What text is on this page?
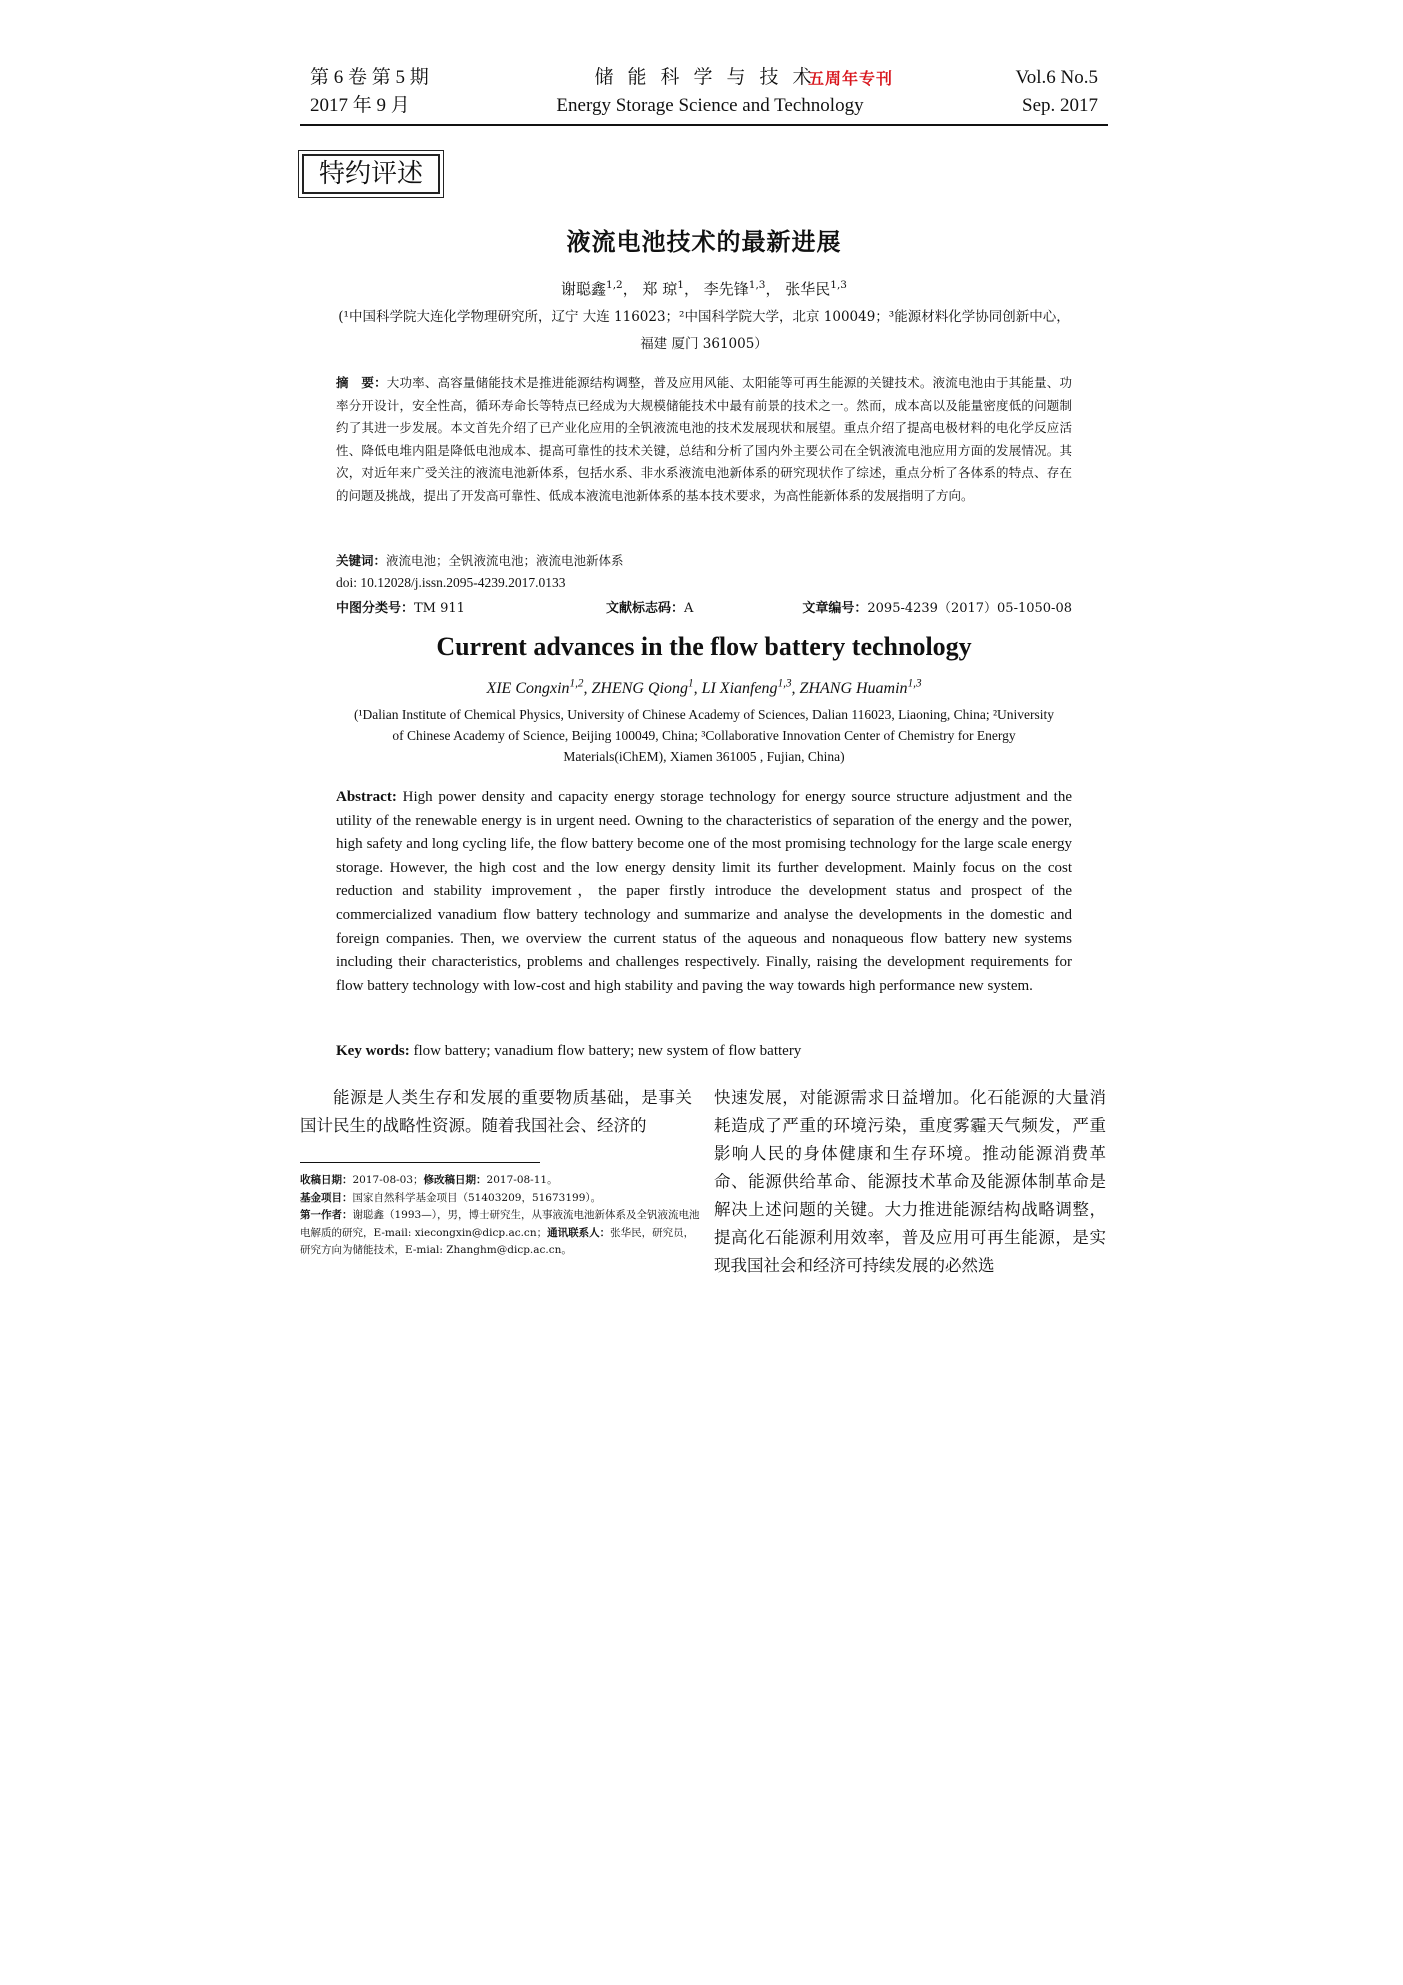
第 6 卷 第 5 期
2017 年 9 月
储能科学与技术
Energy Storage Science and Technology
五周年专刊	Vol.6 No.5
Sep. 2017
特约评述
液流电池技术的最新进展
谢聪鑫$^{1,2}$， 郑 琼$^1$， 李先锋$^{1,3}$， 张华民$^{1,3}$
(¹中国科学院大连化学物理研究所，辽宁 大连 116023；²中国科学院大学，北京 100049；³能源材料化学协同创新中心，
福建 厦门 361005）
摘　要：大功率、高容量储能技术是推进能源结构调整，普及应用风能、太阳能等可再生能源的关键技术。液流电池由于其能量、功率分开设计，安全性高，循环寿命长等特点已经成为大规模储能技术中最有前景的技术之一。然而，成本高以及能量密度低的问题制约了其进一步发展。本文首先介绍了已产业化应用的全钒液流电池的技术发展现状和展望。重点介绍了提高电极材料的电化学反应活性、降低电堆内阻是降低电池成本、提高可靠性的技术关键，总结和分析了国内外主要公司在全钒液流电池应用方面的发展情况。其次，对近年来广受关注的液流电池新体系，包括水系、非水系液流电池新体系的研究现状作了综述，重点分析了各体系的特点、存在的问题及挑战，提出了开发高可靠性、低成本液流电池新体系的基本技术要求，为高性能新体系的发展指明了方向。
关键词：液流电池；全钒液流电池；液流电池新体系
doi: 10.12028/j.issn.2095-4239.2017.0133
中图分类号：TM 911	文献标志码：A	文章编号：2095-4239（2017）05-1050-08
Current advances in the flow battery technology
XIE Congxin$^{1,2}$, ZHENG Qiong$^1$, LI Xianfeng$^{1,3}$, ZHANG Huamin$^{1,3}$
(¹Dalian Institute of Chemical Physics, University of Chinese Academy of Sciences, Dalian 116023, Liaoning, China; ²University
of Chinese Academy of Science, Beijing 100049, China; ³Collaborative Innovation Center of Chemistry for Energy
Materials(iChEM), Xiamen 361005 , Fujian, China)
Abstract: High power density and capacity energy storage technology for energy source structure adjustment and the utility of the renewable energy is in urgent need. Owning to the characteristics of separation of the energy and the power, high safety and long cycling life, the flow battery become one of the most promising technology for the large scale energy storage. However, the high cost and the low energy density limit its further development. Mainly focus on the cost reduction and stability improvement，the paper firstly introduce the development status and prospect of the commercialized vanadium flow battery technology and summarize and analyse the developments in the domestic and foreign companies. Then, we overview the current status of the aqueous and nonaqueous flow battery new systems including their characteristics, problems and challenges respectively. Finally, raising the development requirements for flow battery technology with low-cost and high stability and paving the way towards high performance new system.
Key words: flow battery; vanadium flow battery; new system of flow battery
能源是人类生存和发展的重要物质基础，是事关国计民生的战略性资源。随着我国社会、经济的
收稿日期：2017-08-03；修改稿日期：2017-08-11。
基金项目：国家自然科学基金项目（51403209，51673199）。
第一作者：谢聪鑫（1993—），男，博士研究生，从事液流电池新体系及全钒液流电池电解质的研究，E-mail: xiecongxin@dicp.ac.cn；通讯联系人：张华民，研究员，研究方向为储能技术，E-mial: Zhanghm@dicp.ac.cn。
快速发展，对能源需求日益增加。化石能源的大量消耗造成了严重的环境污染，重度雾霾天气频发，严重影响人民的身体健康和生存环境。推动能源消费革命、能源供给革命、能源技术革命及能源体制革命是解决上述问题的关键。大力推进能源结构战略调整，提高化石能源利用效率，普及应用可再生能源，是实现我国社会和经济可持续发展的必然选
